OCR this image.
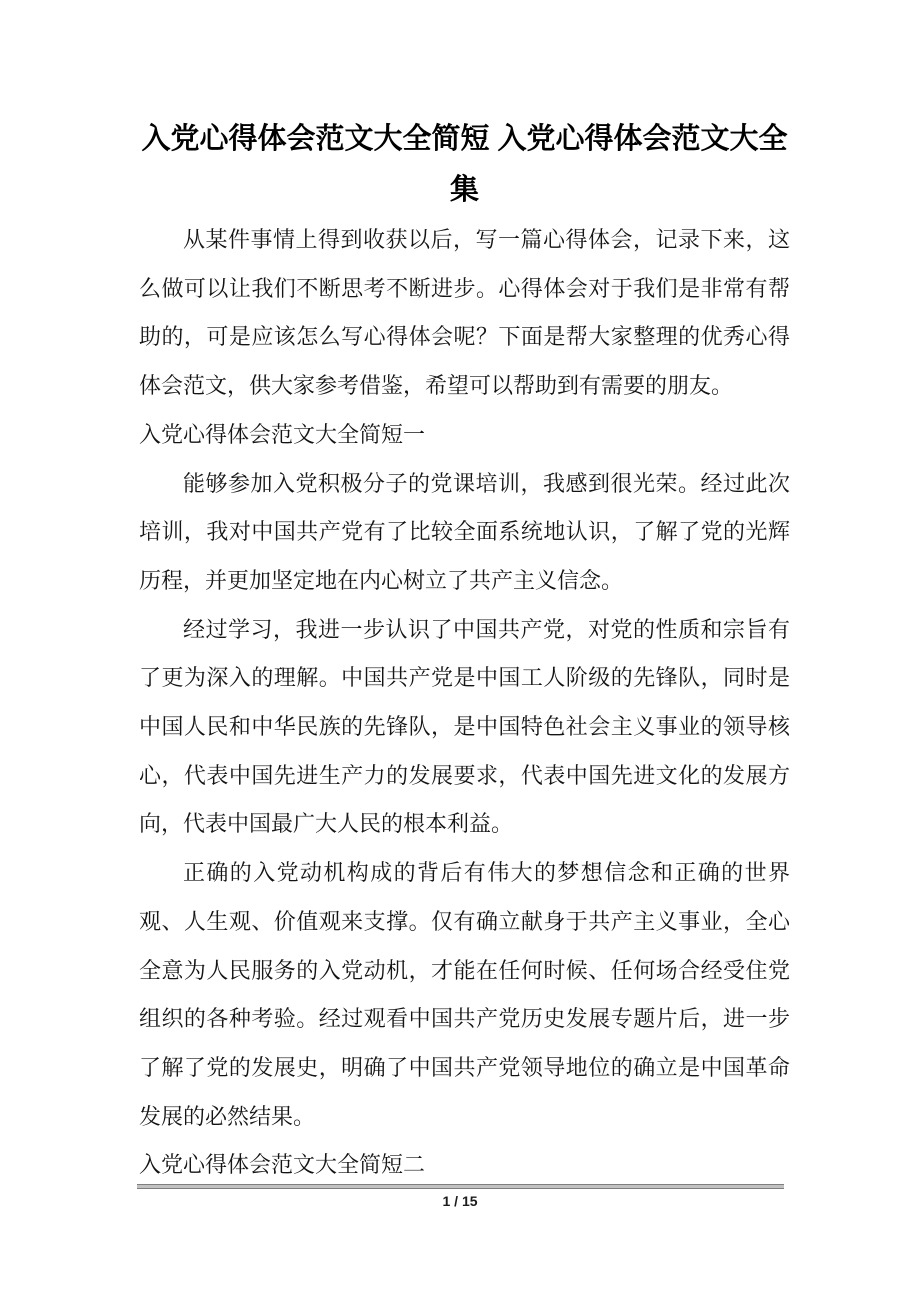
入党心得体会范文大全简短 入党心得体会范文大全集

从某件事情上得到收获以后，写一篇心得体会，记录下来，这么做可以让我们不断思考不断进步。心得体会对于我们是非常有帮助的，可是应该怎么写心得体会呢？下面是帮大家整理的优秀心得体会范文，供大家参考借鉴，希望可以帮助到有需要的朋友。

入党心得体会范文大全简短一

能够参加入党积极分子的党课培训，我感到很光荣。经过此次培训，我对中国共产党有了比较全面系统地认识，了解了党的光辉历程，并更加坚定地在内心树立了共产主义信念。

经过学习，我进一步认识了中国共产党，对党的性质和宗旨有了更为深入的理解。中国共产党是中国工人阶级的先锋队，同时是中国人民和中华民族的先锋队，是中国特色社会主义事业的领导核心，代表中国先进生产力的发展要求，代表中国先进文化的发展方向，代表中国最广大人民的根本利益。

正确的入党动机构成的背后有伟大的梦想信念和正确的世界观、人生观、价值观来支撑。仅有确立献身于共产主义事业，全心全意为人民服务的入党动机，才能在任何时候、任何场合经受住党组织的各种考验。经过观看中国共产党历史发展专题片后，进一步了解了党的发展史，明确了中国共产党领导地位的确立是中国革命发展的必然结果。

入党心得体会范文大全简短二

1 / 15
